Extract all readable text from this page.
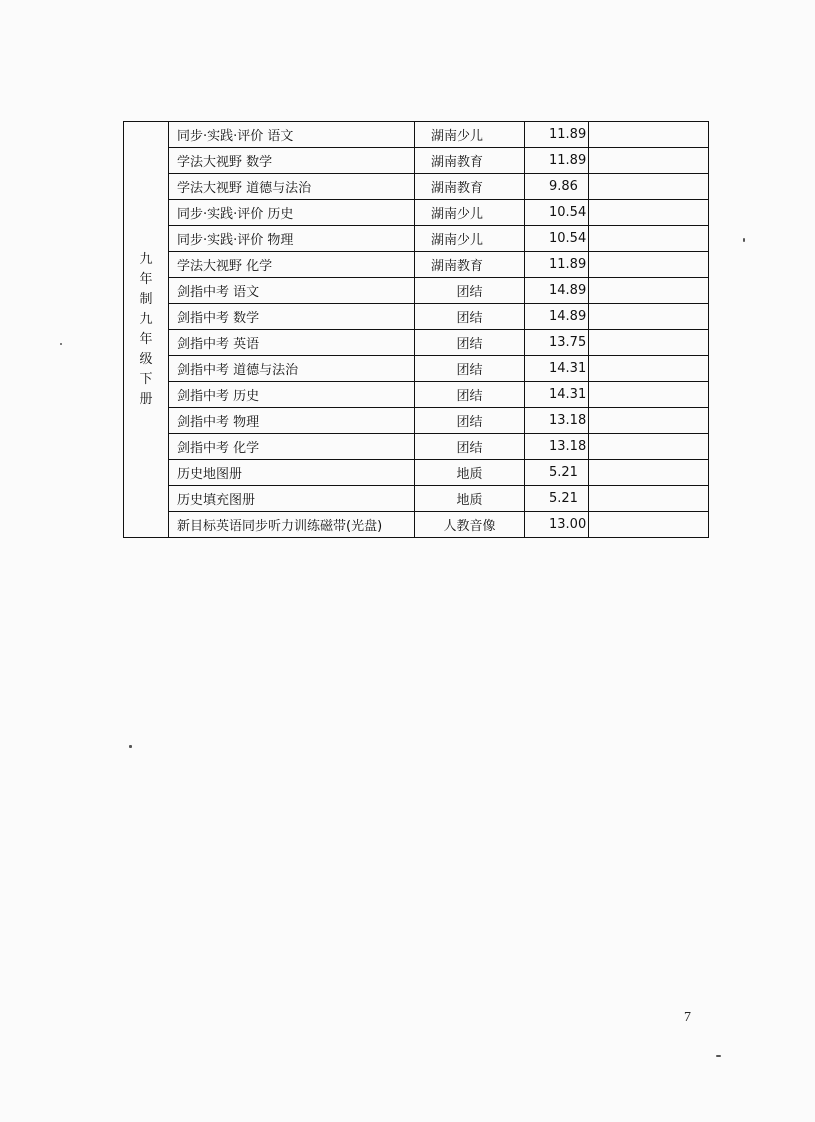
九年制九年级下册	同步·实践·评价 语文	湖南少儿	11.89	
	学法大视野 数学	湖南教育	11.89	
	学法大视野 道德与法治	湖南教育	9.86	
	同步·实践·评价 历史	湖南少儿	10.54	
	同步·实践·评价 物理	湖南少儿	10.54	
	学法大视野 化学	湖南教育	11.89	
	剑指中考 语文	团结	14.89	
	剑指中考 数学	团结	14.89	
	剑指中考 英语	团结	13.75	
	剑指中考 道德与法治	团结	14.31	
	剑指中考 历史	团结	14.31	
	剑指中考 物理	团结	13.18	
	剑指中考 化学	团结	13.18	
	历史地图册	地质	5.21	
	历史填充图册	地质	5.21	
	新目标英语同步听力训练磁带(光盘)	人教音像	13.00	
7
